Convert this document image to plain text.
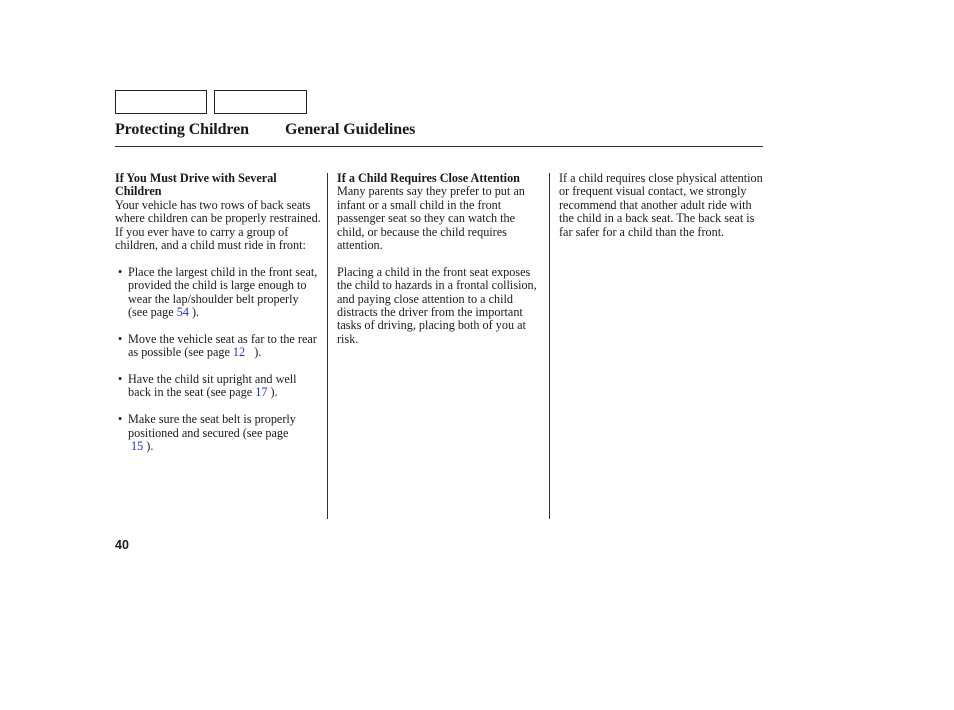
Protecting Children General Guidelines

If You Must Drive with Several Children

Your vehicle has two rows of back seats where children can be properly restrained. If you ever have to carry a group of children, and a child must ride in front:

• Place the largest child in the front seat, provided the child is large enough to wear the lap/shoulder belt properly (see page 54 ).
• Move the vehicle seat as far to the rear as possible (see page 12 ).
• Have the child sit upright and well back in the seat (see page 17 ).
• Make sure the seat belt is properly positioned and secured (see page
15 ).

If a Child Requires Close Attention

Many parents say they prefer to put an infant or a small child in the front passenger seat so they can watch the child, or because the child requires attention.

Placing a child in the front seat exposes the child to hazards in a frontal collision, and paying close attention to a child distracts the driver from the important tasks of driving, placing both of you at risk.

If a child requires close physical attention or frequent visual contact, we strongly recommend that another adult ride with the child in a back seat. The back seat is far safer for a child than the front.

40
